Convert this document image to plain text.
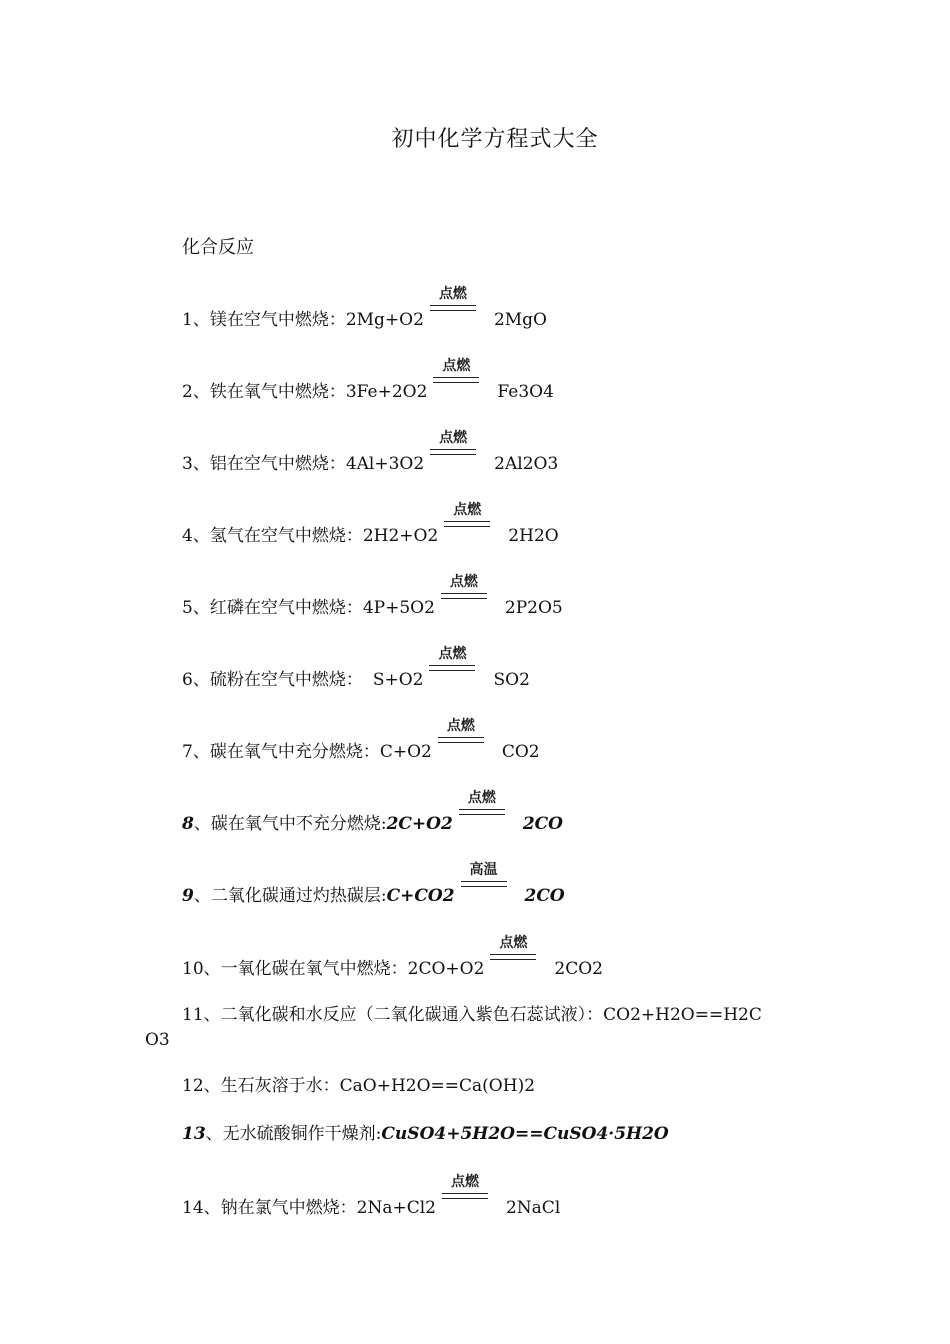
初中化学方程式大全
化合反应
1、镁在空气中燃烧：2Mg+O2
点燃
2MgO
2、铁在氧气中燃烧：3Fe+2O2
点燃
Fe3O4
3、铝在空气中燃烧：4Al+3O2
点燃
2Al2O3
4、氢气在空气中燃烧：2H2+O2
点燃
2H2O
5、红磷在空气中燃烧：4P+5O2
点燃
2P2O5
6、硫粉在空气中燃烧： S+O2
点燃
SO2
7、碳在氧气中充分燃烧：C+O2
点燃
CO2
8、碳在氧气中不充分燃烧:2C+O2
点燃
2CO
9、二氧化碳通过灼热碳层:C+CO2
高温
2CO
10、一氧化碳在氧气中燃烧：2CO+O2
点燃
2CO2
11、二氧化碳和水反应（二氧化碳通入紫色石蕊试液）：CO2+H2O==H2C
O3
12、生石灰溶于水：CaO+H2O==Ca(OH)2
13、无水硫酸铜作干燥剂:CuSO4+5H2O==CuSO4·5H2O
14、钠在氯气中燃烧：2Na+Cl2
点燃
2NaCl
